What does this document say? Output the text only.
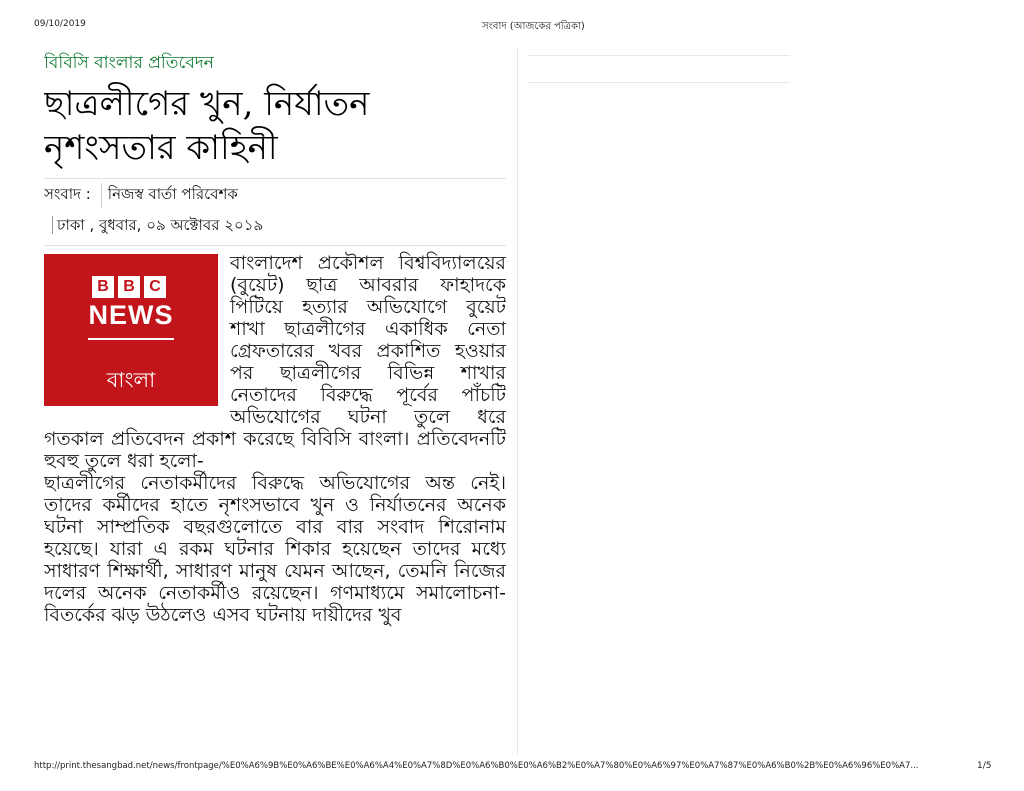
09/10/2019	সংবাদ (আজকের পত্রিকা)
বিবিসি বাংলার প্রতিবেদন
ছাত্রলীগের খুন, নির্যাতন
নৃশংসতার কাহিনী
সংবাদ :	নিজস্ব বার্তা পরিবেশক
ঢাকা , বুধবার, ০৯ অক্টোবর ২০১৯
B B C
NEWS
বাংলা

বাংলাদেশ প্রকৌশল বিশ্ববিদ্যালয়ের (বুয়েট) ছাত্র আবরার ফাহাদকে পিটিয়ে হত্যার অভিযোগে বুয়েট শাখা ছাত্রলীগের একাধিক নেতা গ্রেফতারের খবর প্রকাশিত হওয়ার পর ছাত্রলীগের বিভিন্ন শাখার নেতাদের বিরুদ্ধে পূর্বের পাঁচটি অভিযোগের ঘটনা তুলে ধরে গতকাল প্রতিবেদন প্রকাশ করেছে বিবিসি বাংলা। প্রতিবেদনটি হুবহু তুলে ধরা হলো-

ছাত্রলীগের নেতাকর্মীদের বিরুদ্ধে অভিযোগের অন্ত নেই। তাদের কর্মীদের হাতে নৃশংসভাবে খুন ও নির্যাতনের অনেক ঘটনা সাম্প্রতিক বছরগুলোতে বার বার সংবাদ শিরোনাম হয়েছে। যারা এ রকম ঘটনার শিকার হয়েছেন তাদের মধ্যে সাধারণ শিক্ষার্থী, সাধারণ মানুষ যেমন আছেন, তেমনি নিজের দলের অনেক নেতাকর্মীও রয়েছেন। গণমাধ্যমে সমালোচনা-বিতর্কের ঝড় উঠলেও এসব ঘটনায় দায়ীদের খুব

http://print.thesangbad.net/news/frontpage/%E0%A6%9B%E0%A6%BE%E0%A6%A4%E0%A7%8D%E0%A6%B0%E0%A6%B2%E0%A7%80%E0%A6%97%E0%A7%87%E0%A6%B0%2B%E0%A6%96%E0%A7...	1/5
